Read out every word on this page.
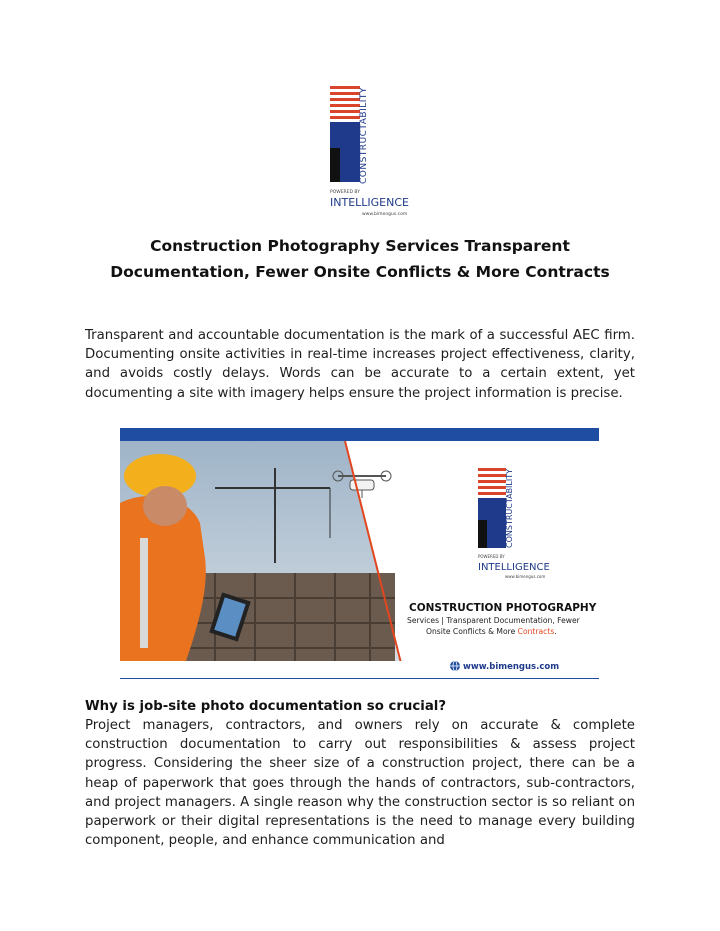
CONSTRUCTABILITY
POWERED BY
INTELLIGENCE
www.bimengus.com
Construction Photography Services Transparent
Documentation, Fewer Onsite Conflicts & More Contracts

Transparent and accountable documentation is the mark of a successful AEC firm. Documenting onsite activities in real-time increases project effectiveness, clarity, and avoids costly delays. Words can be accurate to a certain extent, yet documenting a site with imagery helps ensure the project information is precise.

CONSTRUCTABILITY
POWERED BY
INTELLIGENCE
www.bimengus.com
CONSTRUCTION PHOTOGRAPHY
Services | Transparent Documentation, Fewer
Onsite Conflicts & More Contracts.
www.bimengus.com

Why is job-site photo documentation so crucial?

Project managers, contractors, and owners rely on accurate & complete construction documentation to carry out responsibilities & assess project progress. Considering the sheer size of a construction project, there can be a heap of paperwork that goes through the hands of contractors, sub-contractors, and project managers. A single reason why the construction sector is so reliant on paperwork or their digital representations is the need to manage every building component, people, and enhance communication and
